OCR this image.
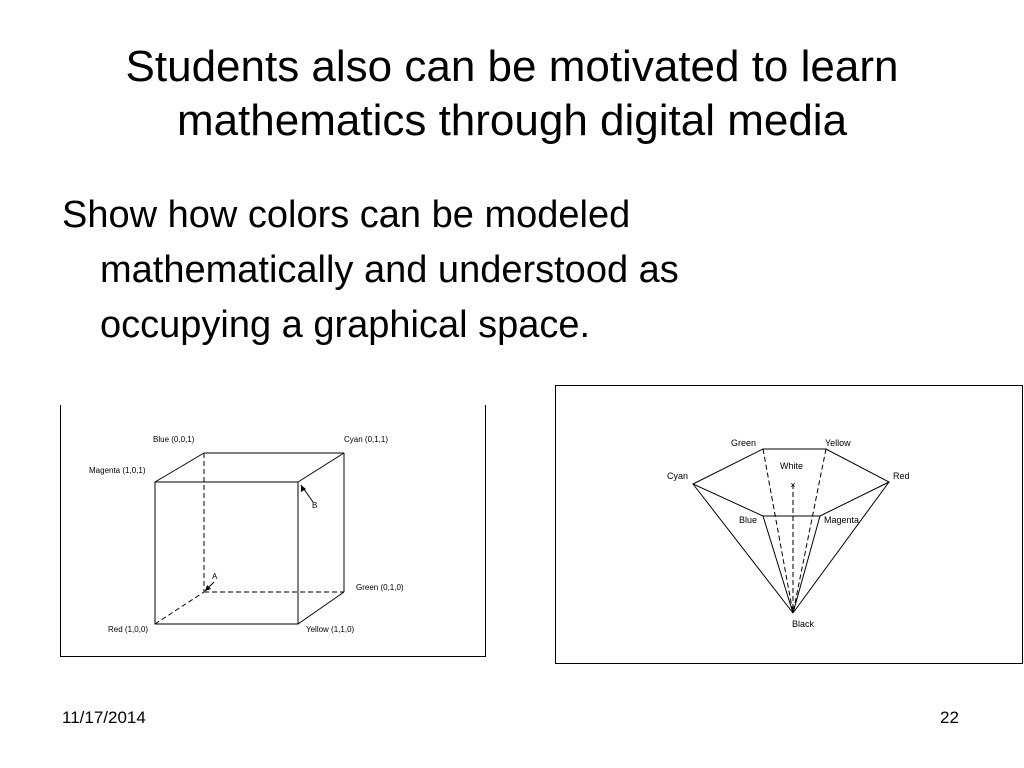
Students also can be motivated to learn
mathematics through digital media
Show how colors can be modeled
mathematically and understood as
occupying a graphical space.
Blue (0,0,1)	Cyan (0,1,1)
Magenta (1,0,1)
B
A
Green (0,1,0)
Red (1,0,0)	Yellow (1,1,0)
×
Green	Yellow
White
Cyan	Red
Blue	Magenta
Black
11/17/2014	22
